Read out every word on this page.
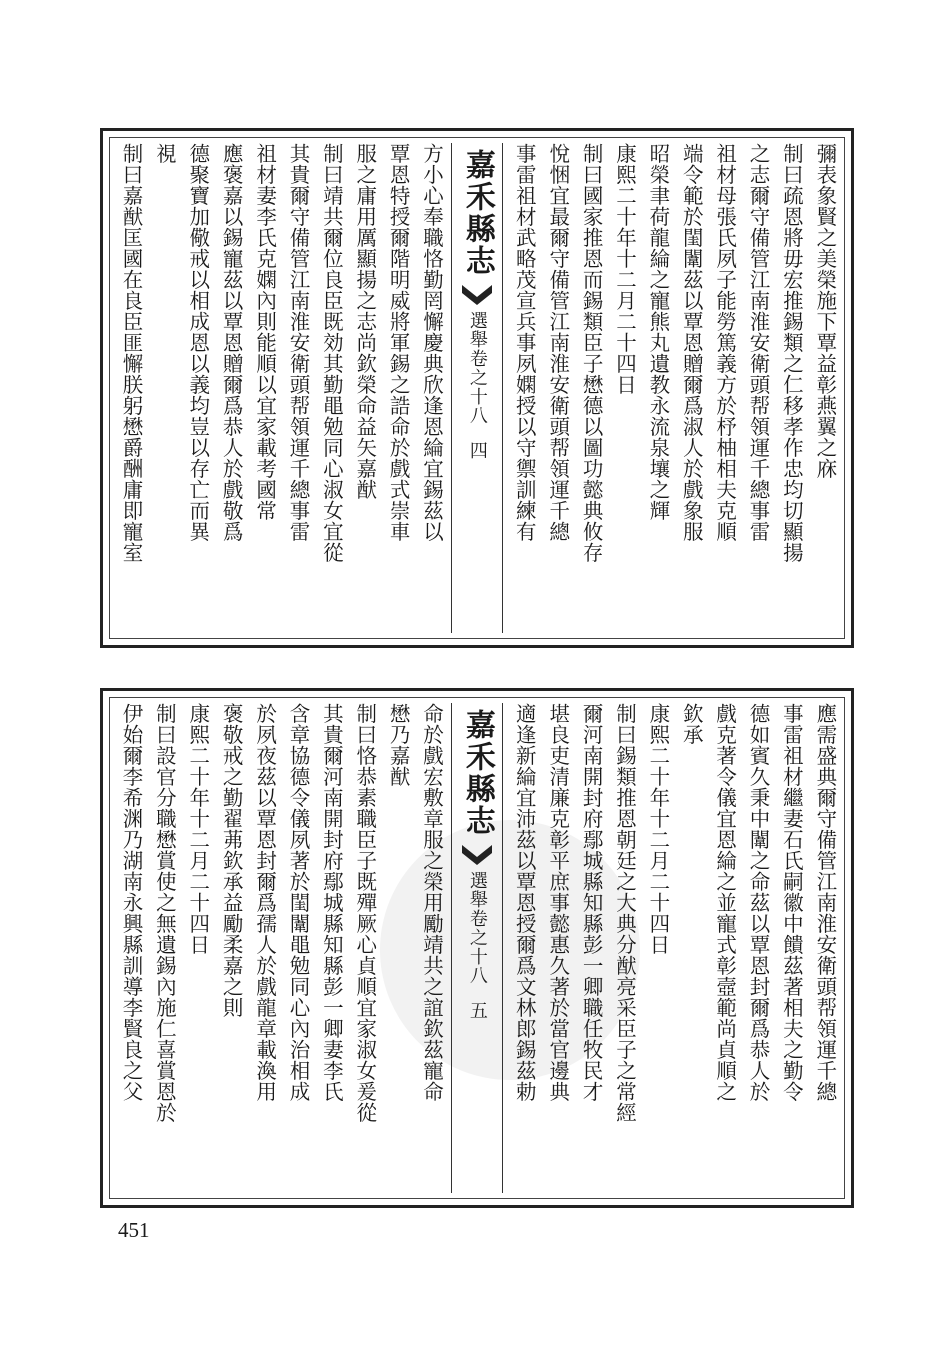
彌表象賢之美榮施下覃益彰燕翼之庥
制曰疏恩將毋宏推錫類之仁移孝作忠均切顯揚
之志爾守備管江南淮安衛頭帮領運千總事雷
祖材母張氏夙子能勞篤義方於杼柚相夫克順
端令範於閨闈茲以覃恩贈爾爲淑人於戲象服
昭榮聿荷龍綸之寵熊丸遺教永流泉壤之輝
康熙二十年十二月二十四日
制曰國家推恩而錫類臣子懋德以圖功懿典攸存
悅悃宜最爾守備管江南淮安衛頭帮領運千總
事雷祖材武略茂宣兵事夙嫻授以守禦訓練有
嘉禾縣志
選舉卷之十八
四
方小心奉職恪勤罔懈慶典欣逢恩綸宜錫茲以
覃恩特授爾階明威將軍錫之誥命於戲式崇車
服之庸用厲顯揚之志尚欽榮命益矢嘉猷
制曰靖共爾位良臣既効其勤黽勉同心淑女宜從
其貴爾守備管江南淮安衛頭帮領運千總事雷
祖材妻李氏克嫻內則能順以宜家載考國常
應褒嘉以錫寵茲以覃恩贈爾爲恭人於戲敬爲
德聚寶加儆戒以相成恩以義均豈以存亡而異
視
制曰嘉猷匡國在良臣匪懈朕躬懋爵酬庸即寵室
應需盛典爾守備管江南淮安衛頭帮領運千總
事雷祖材繼妻石氏嗣徽中饋茲著相夫之勤令
德如賓久秉中闈之命茲以覃恩封爾爲恭人於
戲克著令儀宜恩綸之並寵式彰壼範尚貞順之
欽承
康熙二十年十二月二十四日
制曰錫類推恩朝廷之大典分猷亮采臣子之常經
爾河南開封府鄢城縣知縣彭一卿職任牧民才
堪良吏清廉克彰平庶事懿惠久著於當官邊典
適逢新綸宜沛茲以覃恩授爾爲文林郎錫茲勅
嘉禾縣志
選舉卷之十八
五
命於戲宏敷章服之榮用勵靖共之誼欽茲寵命
懋乃嘉猷
制曰恪恭素職臣子既殫厥心貞順宜家淑女爰從
其貴爾河南開封府鄢城縣知縣彭一卿妻李氏
含章協德令儀夙著於閨闈黽勉同心內治相成
於夙夜茲以覃恩封爾爲孺人於戲龍章載渙用
褒敬戒之勤翟茀欽承益勵柔嘉之則
康熙二十年十二月二十四日
制曰設官分職懋賞使之無遺錫內施仁喜賞恩於
伊始爾李希渊乃湖南永興縣訓導李賢良之父
451
